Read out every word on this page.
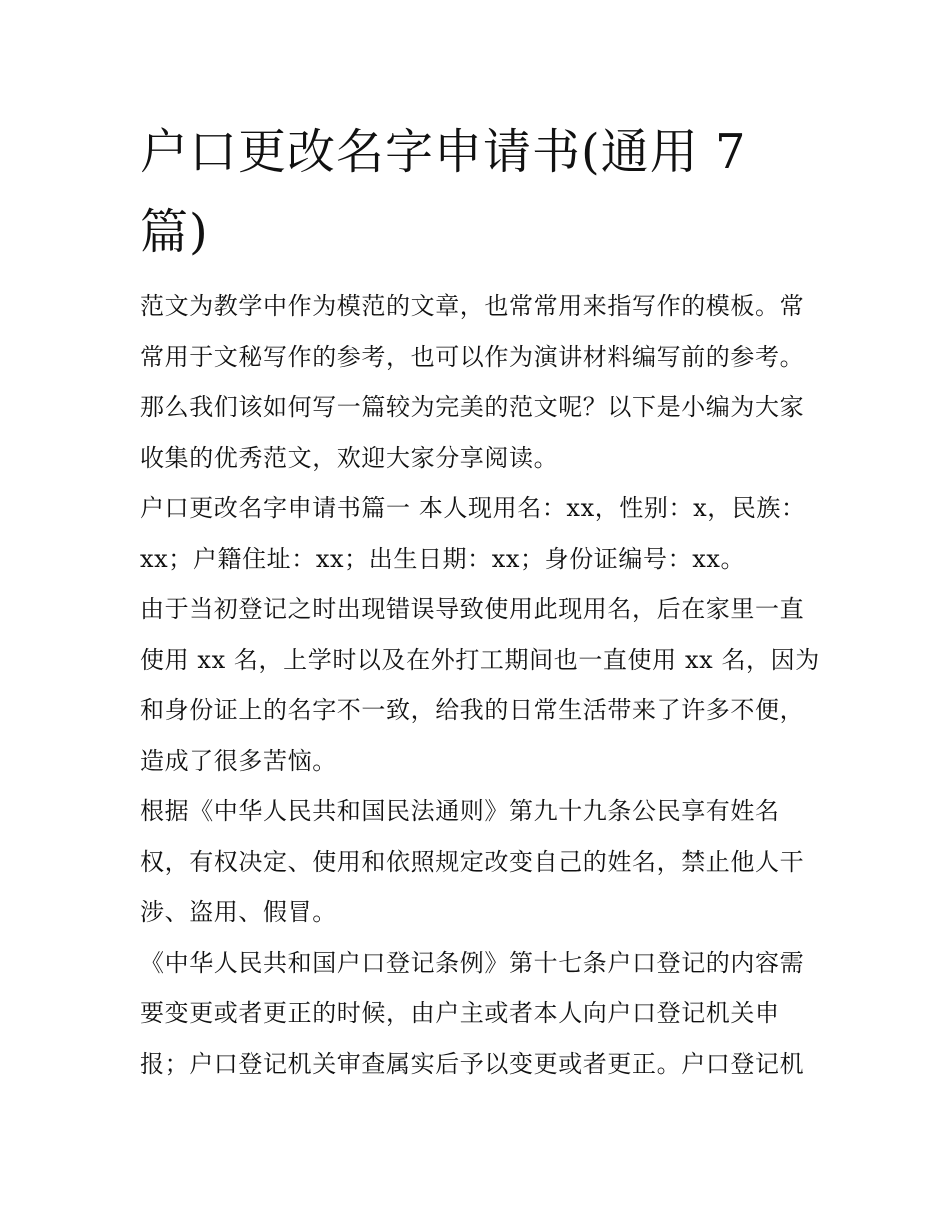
户口更改名字申请书(通用 7
篇)
范文为教学中作为模范的文章，也常常用来指写作的模板。常
常用于文秘写作的参考，也可以作为演讲材料编写前的参考。
那么我们该如何写一篇较为完美的范文呢？以下是小编为大家
收集的优秀范文，欢迎大家分享阅读。
户口更改名字申请书篇一 本人现用名：xx，性别：x，民族：
xx；户籍住址：xx；出生日期：xx；身份证编号：xx。
由于当初登记之时出现错误导致使用此现用名，后在家里一直
使用 xx 名，上学时以及在外打工期间也一直使用 xx 名，因为
和身份证上的名字不一致，给我的日常生活带来了许多不便，
造成了很多苦恼。
根据《中华人民共和国民法通则》第九十九条公民享有姓名
权，有权决定、使用和依照规定改变自己的姓名，禁止他人干
涉、盗用、假冒。
《中华人民共和国户口登记条例》第十七条户口登记的内容需
要变更或者更正的时候，由户主或者本人向户口登记机关申
报；户口登记机关审查属实后予以变更或者更正。户口登记机
